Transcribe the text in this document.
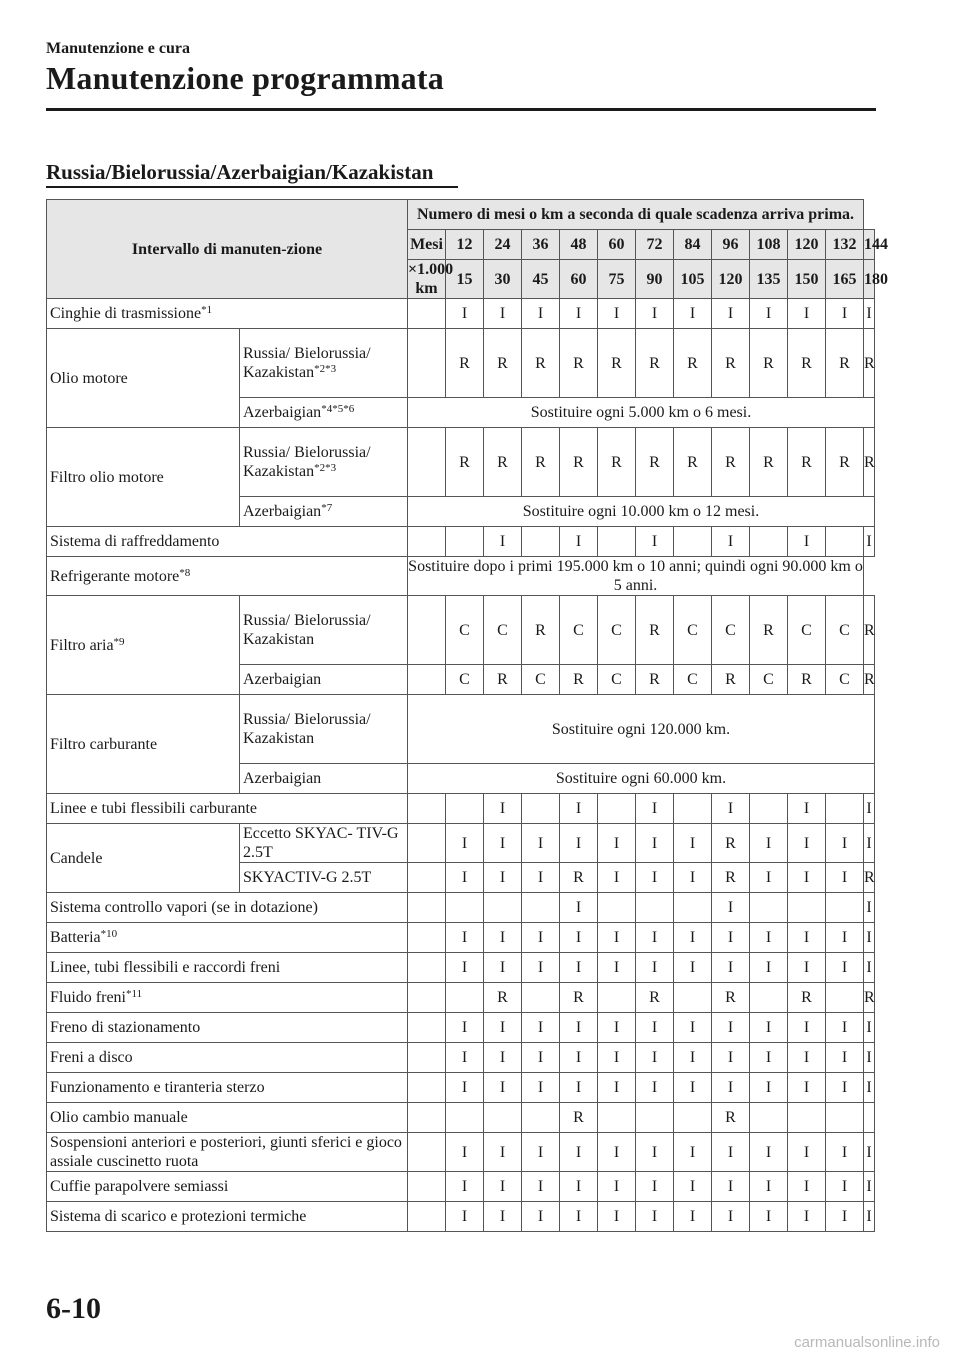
Manutenzione e cura
Manutenzione programmata
Russia/Bielorussia/Azerbaigian/Kazakistan
Intervallo di manuten-zione		Numero di mesi o km a seconda di quale scadenza arriva prima.												
		Mesi	12	24	36	48	60	72	84	96	108	120	132	144
		×1.000 km	15	30	45	60	75	90	105	120	135	150	165	180
Cinghie di trasmissione$^{*1}$			I	I	I	I	I	I	I	I	I	I	I	I
Olio motore	Russia/ Bielorussia/ Kazakistan$^{*2*3}$		R	R	R	R	R	R	R	R	R	R	R	R
	Azerbaigian$^{*4*5*6}$	Sostituire ogni 5.000 km o 6 mesi.												
Filtro olio motore	Russia/ Bielorussia/ Kazakistan$^{*2*3}$		R	R	R	R	R	R	R	R	R	R	R	R
	Azerbaigian$^{*7}$	Sostituire ogni 10.000 km o 12 mesi.												
Sistema di raffreddamento				I		I		I		I		I		I
Refrigerante motore$^{*8}$		Sostituire dopo i primi 195.000 km o 10 anni; quindi ogni 90.000 km o 5 anni.												
Filtro aria$^{*9}$	Russia/ Bielorussia/ Kazakistan		C	C	R	C	C	R	C	C	R	C	C	R
	Azerbaigian		C	R	C	R	C	R	C	R	C	R	C	R
Filtro carburante	Russia/ Bielorussia/ Kazakistan	Sostituire ogni 120.000 km.												
	Azerbaigian	Sostituire ogni 60.000 km.												
Linee e tubi flessibili carburante				I		I		I		I		I		I
Candele	Eccetto SKYAC- TIV-G 2.5T		I	I	I	I	I	I	I	R	I	I	I	I
	SKYACTIV-G 2.5T		I	I	I	R	I	I	I	R	I	I	I	R
Sistema controllo vapori (se in dotazione)						I				I				I
Batteria$^{*10}$			I	I	I	I	I	I	I	I	I	I	I	I
Linee, tubi flessibili e raccordi freni			I	I	I	I	I	I	I	I	I	I	I	I
Fluido freni$^{*11}$				R		R		R		R		R		R
Freno di stazionamento			I	I	I	I	I	I	I	I	I	I	I	I
Freni a disco			I	I	I	I	I	I	I	I	I	I	I	I
Funzionamento e tiranteria sterzo			I	I	I	I	I	I	I	I	I	I	I	I
Olio cambio manuale						R				R				
Sospensioni anteriori e posteriori, giunti sferici e gioco assiale cuscinetto ruota			I	I	I	I	I	I	I	I	I	I	I	I
Cuffie parapolvere semiassi			I	I	I	I	I	I	I	I	I	I	I	I
Sistema di scarico e protezioni termiche			I	I	I	I	I	I	I	I	I	I	I	I
6-10
carmanualsonline.info
